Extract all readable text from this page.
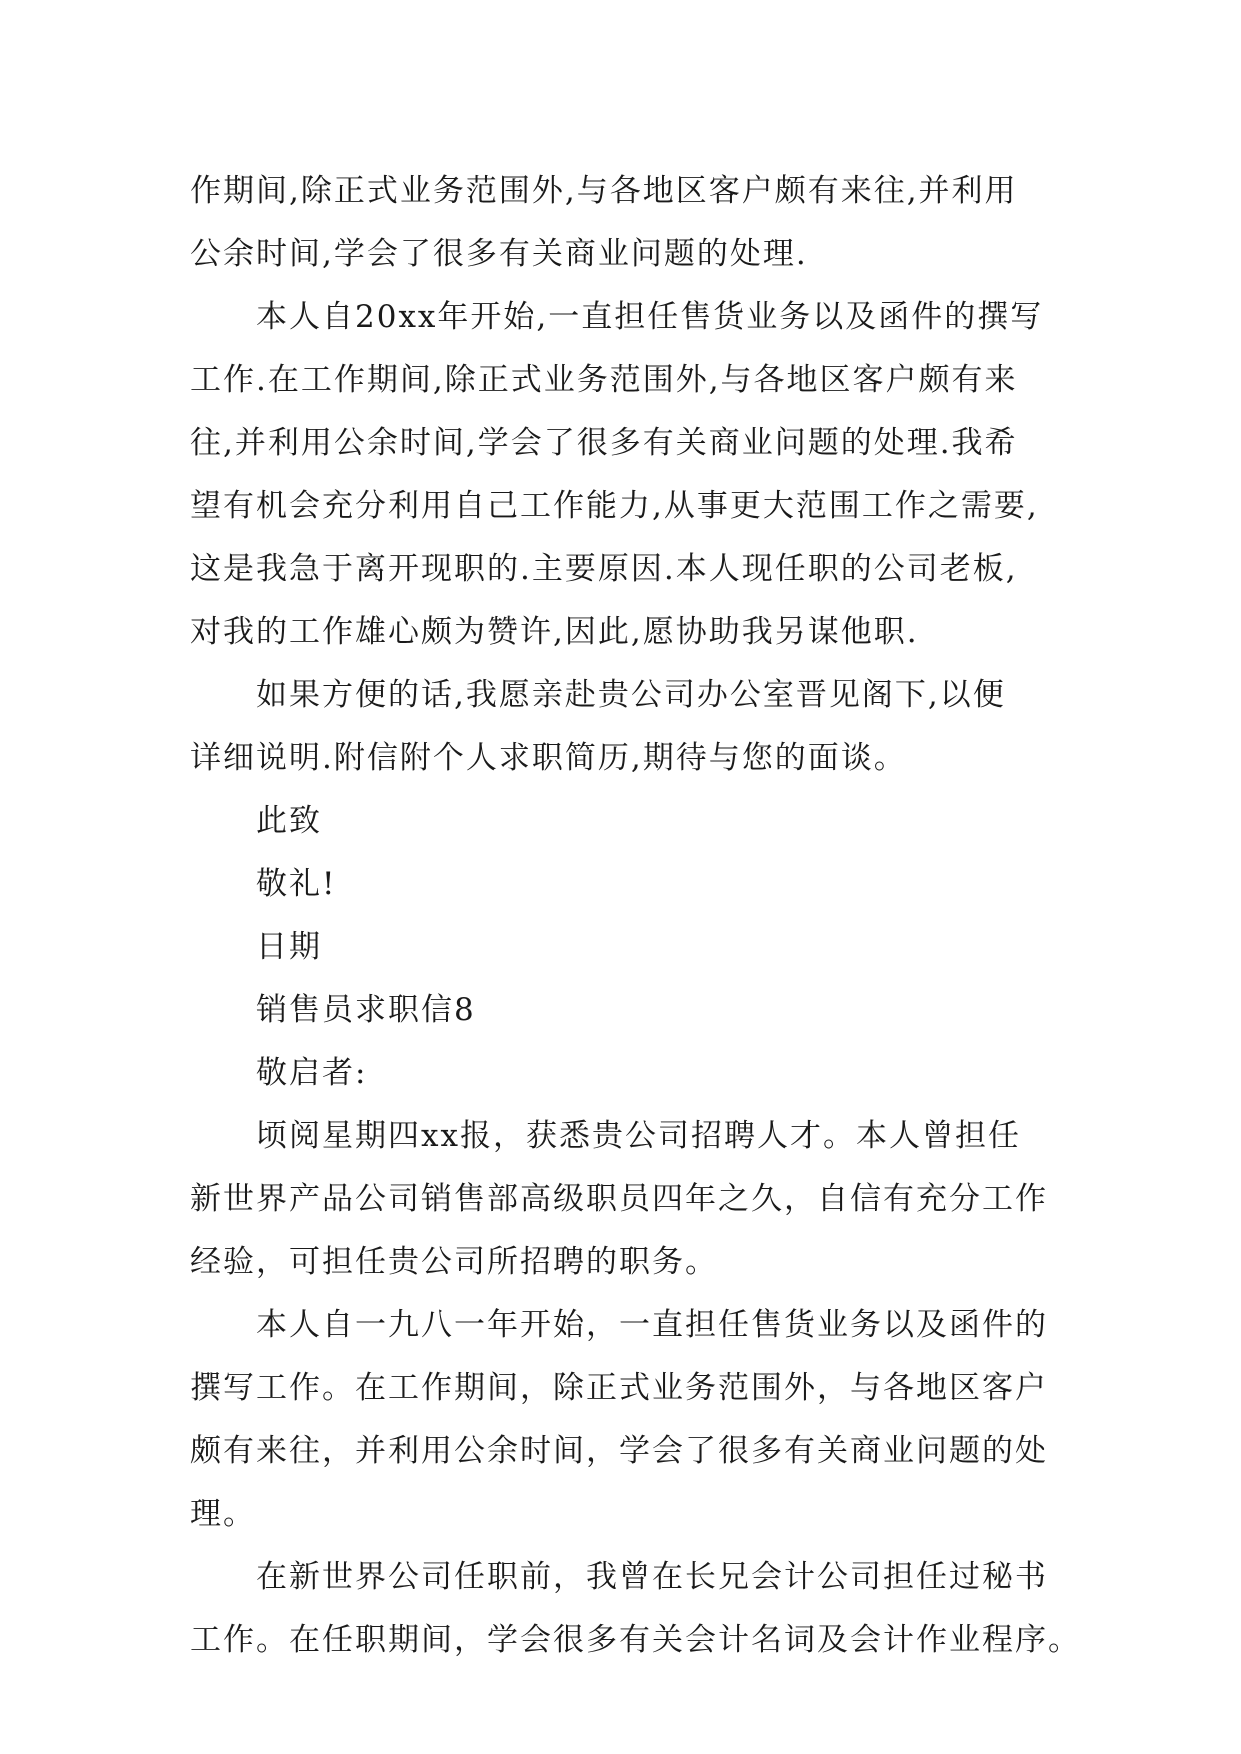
作期间,除正式业务范围外,与各地区客户颇有来往,并利用
公余时间,学会了很多有关商业问题的处理.
本人自20xx年开始,一直担任售货业务以及函件的撰写
工作.在工作期间,除正式业务范围外,与各地区客户颇有来
往,并利用公余时间,学会了很多有关商业问题的处理.我希
望有机会充分利用自己工作能力,从事更大范围工作之需要,
这是我急于离开现职的.主要原因.本人现任职的公司老板,
对我的工作雄心颇为赞许,因此,愿协助我另谋他职.
如果方便的话,我愿亲赴贵公司办公室晋见阁下,以便
详细说明.附信附个人求职简历,期待与您的面谈。
此致
敬礼!
日期
销售员求职信8
敬启者:
顷阅星期四xx报，获悉贵公司招聘人才。本人曾担任
新世界产品公司销售部高级职员四年之久，自信有充分工作
经验，可担任贵公司所招聘的职务。
本人自一九八一年开始，一直担任售货业务以及函件的
撰写工作。在工作期间，除正式业务范围外，与各地区客户
颇有来往，并利用公余时间，学会了很多有关商业问题的处
理。
在新世界公司任职前，我曾在长兄会计公司担任过秘书
工作。在任职期间，学会很多有关会计名词及会计作业程序。
